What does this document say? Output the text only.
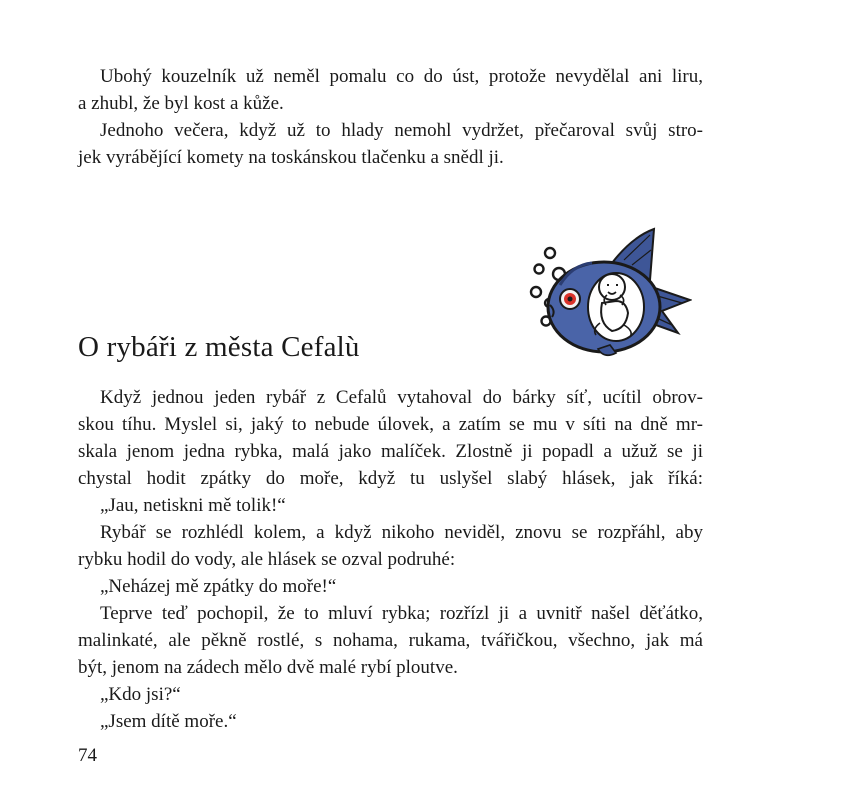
Ubohý kouzelník už neměl pomalu co do úst, protože nevydělal ani liru,
a zhubl, že byl kost a kůže.
Jednoho večera, když už to hlady nemohl vydržet, přečaroval svůj stro-
jek vyrábějící komety na toskánskou tlačenku a snědl ji.
O rybáři z města Cefalù
Když jednou jeden rybář z Cefalů vytahoval do bárky síť, ucítil obrov-
skou tíhu. Myslel si, jaký to nebude úlovek, a zatím se mu v síti na dně mr-
skala jenom jedna rybka, malá jako malíček. Zlostně ji popadl a užuž se ji
chystal hodit zpátky do moře, když tu uslyšel slabý hlásek, jak říká:
„Jau, netiskni mě tolik!“
Rybář se rozhlédl kolem, a když nikoho neviděl, znovu se rozpřáhl, aby
rybku hodil do vody, ale hlásek se ozval podruhé:
„Neházej mě zpátky do moře!“
Teprve teď pochopil, že to mluví rybka; rozřízl ji a uvnitř našel děťátko,
malinkaté, ale pěkně rostlé, s nohama, rukama, tvářičkou, všechno, jak má
být, jenom na zádech mělo dvě malé rybí ploutve.
„Kdo jsi?“
„Jsem dítě moře.“
74
